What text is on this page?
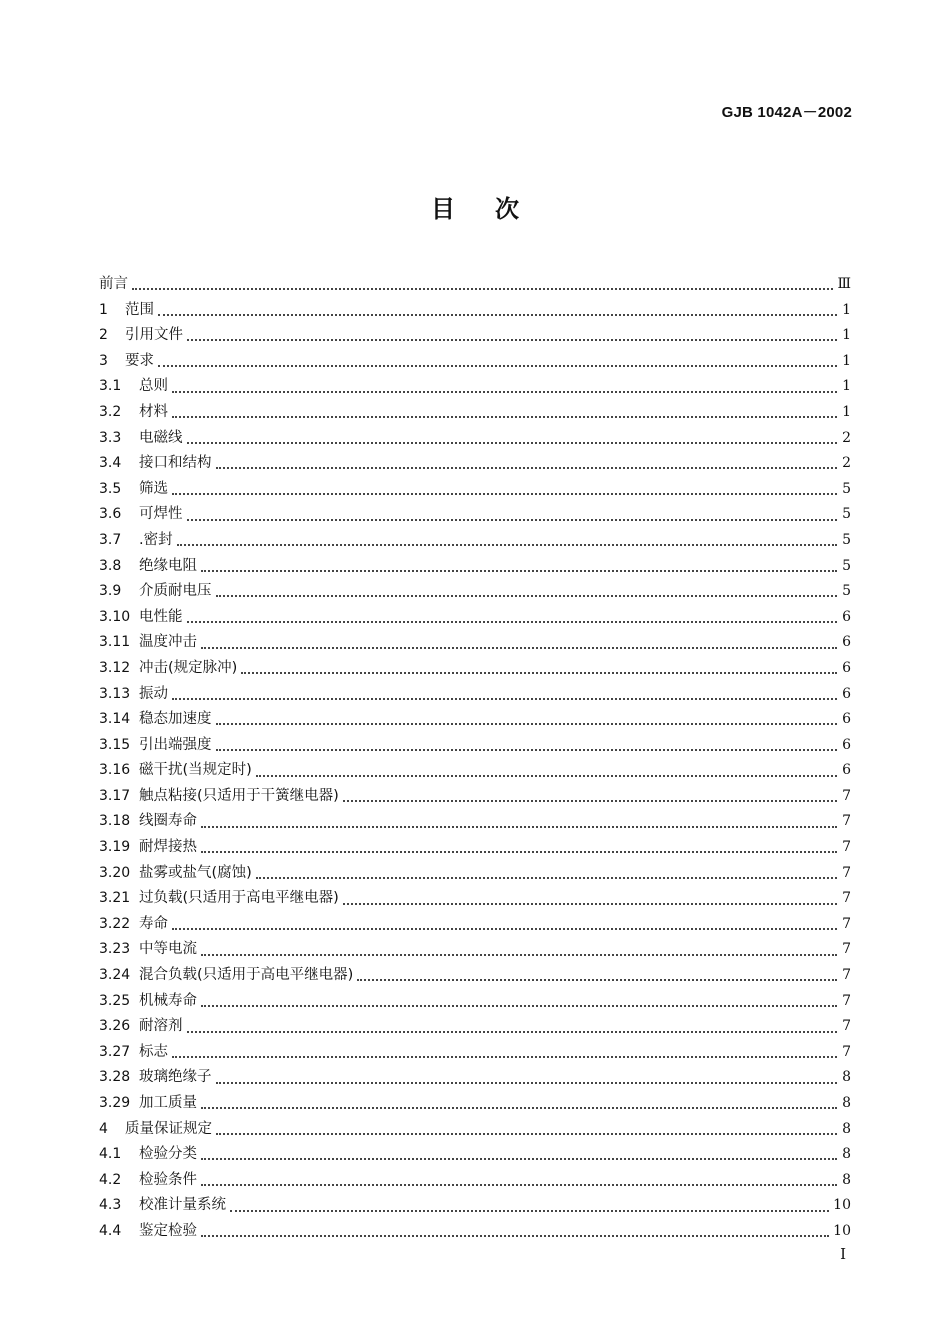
GJB 1042A－2002
目 次
前言	Ⅲ
1	范围	1
2	引用文件	1
3	要求	1
3.1	总则	1
3.2	材料	1
3.3	电磁线	2
3.4	接口和结构	2
3.5	筛选	5
3.6	可焊性	5
3.7	.密封	5
3.8	绝缘电阻	5
3.9	介质耐电压	5
3.10 电性能	6
3.11 温度冲击	6
3.12 冲击(规定脉冲)	6
3.13 振动	6
3.14 稳态加速度	6
3.15 引出端强度	6
3.16 磁干扰(当规定时)	6
3.17 触点粘接(只适用于干簧继电器)	7
3.18 线圈寿命	7
3.19 耐焊接热	7
3.20 盐雾或盐气(腐蚀)	7
3.21 过负载(只适用于高电平继电器)	7
3.22 寿命	7
3.23 中等电流	7
3.24 混合负载(只适用于高电平继电器)	7
3.25 机械寿命	7
3.26 耐溶剂	7
3.27 标志	7
3.28 玻璃绝缘子	8
3.29 加工质量	8
4	质量保证规定	8
4.1	检验分类	8
4.2	检验条件	8
4.3	校准计量系统	10
4.4	鉴定检验	10
I
